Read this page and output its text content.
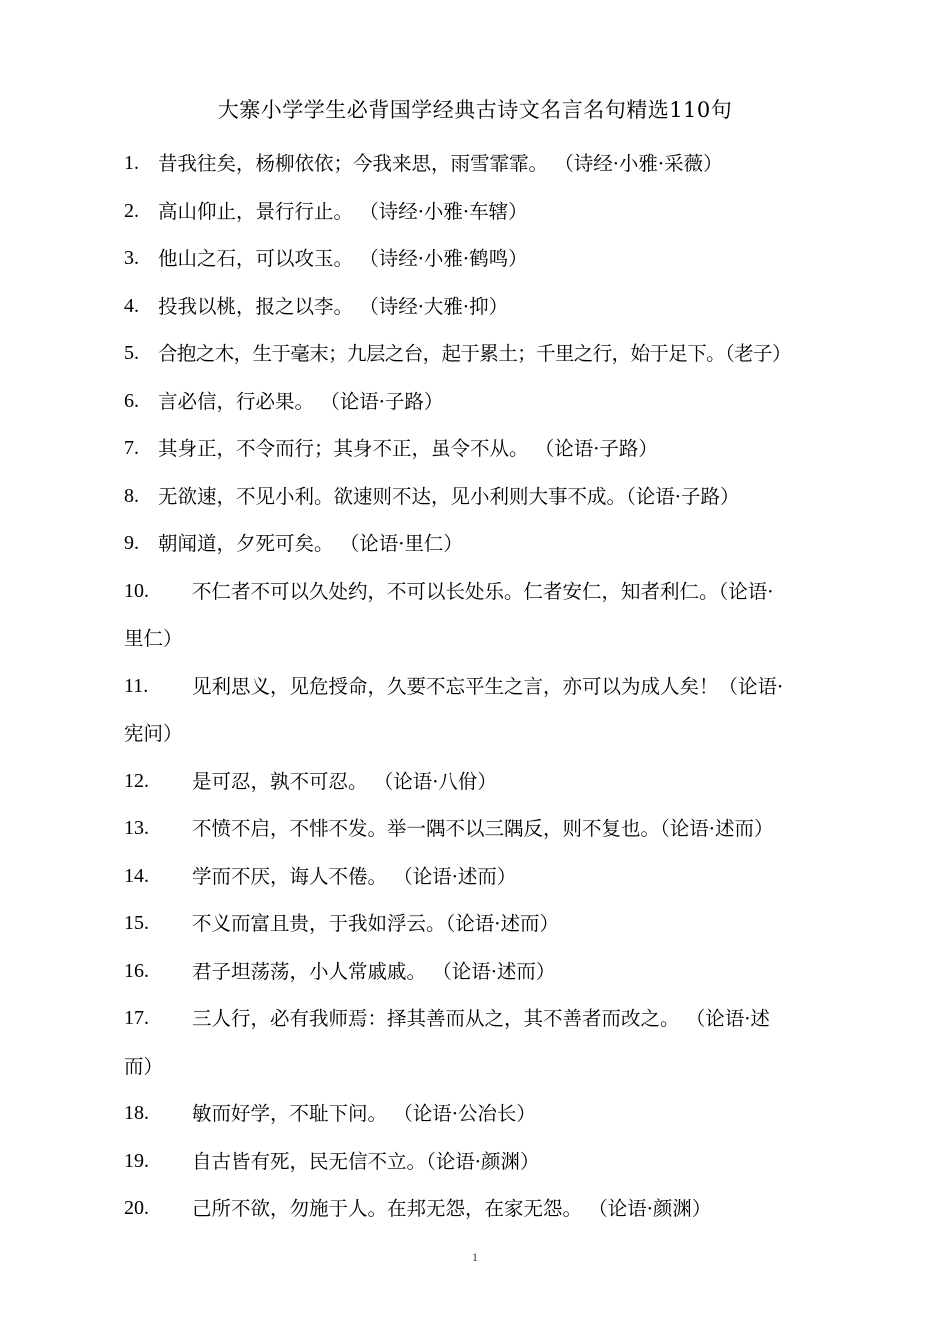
大寨小学学生必背国学经典古诗文名言名句精选110句
1. 昔我往矣，杨柳依依；今我来思，雨雪霏霏。 （诗经·小雅·采薇）
2. 高山仰止，景行行止。 （诗经·小雅·车辖）
3. 他山之石，可以攻玉。 （诗经·小雅·鹤鸣）
4. 投我以桃，报之以李。 （诗经·大雅·抑）
5. 合抱之木，生于毫末；九层之台，起于累土；千里之行，始于足下。（老子）
6. 言必信，行必果。 （论语·子路）
7. 其身正，不令而行；其身不正，虽令不从。 （论语·子路）
8. 无欲速，不见小利。欲速则不达，见小利则大事不成。（论语·子路）
9. 朝闻道，夕死可矣。 （论语·里仁）
10.	不仁者不可以久处约，不可以长处乐。仁者安仁，知者利仁。（论语·
里仁）
11.	见利思义，见危授命，久要不忘平生之言，亦可以为成人矣！（论语·
宪问）
12.	是可忍，孰不可忍。 （论语·八佾）
13.	不愤不启，不悱不发。举一隅不以三隅反，则不复也。（论语·述而）
14.	学而不厌，诲人不倦。 （论语·述而）
15.	不义而富且贵，于我如浮云。（论语·述而）
16.	君子坦荡荡，小人常戚戚。 （论语·述而）
17.	三人行，必有我师焉：择其善而从之，其不善者而改之。 （论语·述
而）
18.	敏而好学，不耻下问。 （论语·公冶长）
19.	自古皆有死，民无信不立。（论语·颜渊）
20.	己所不欲，勿施于人。在邦无怨，在家无怨。 （论语·颜渊）
1
